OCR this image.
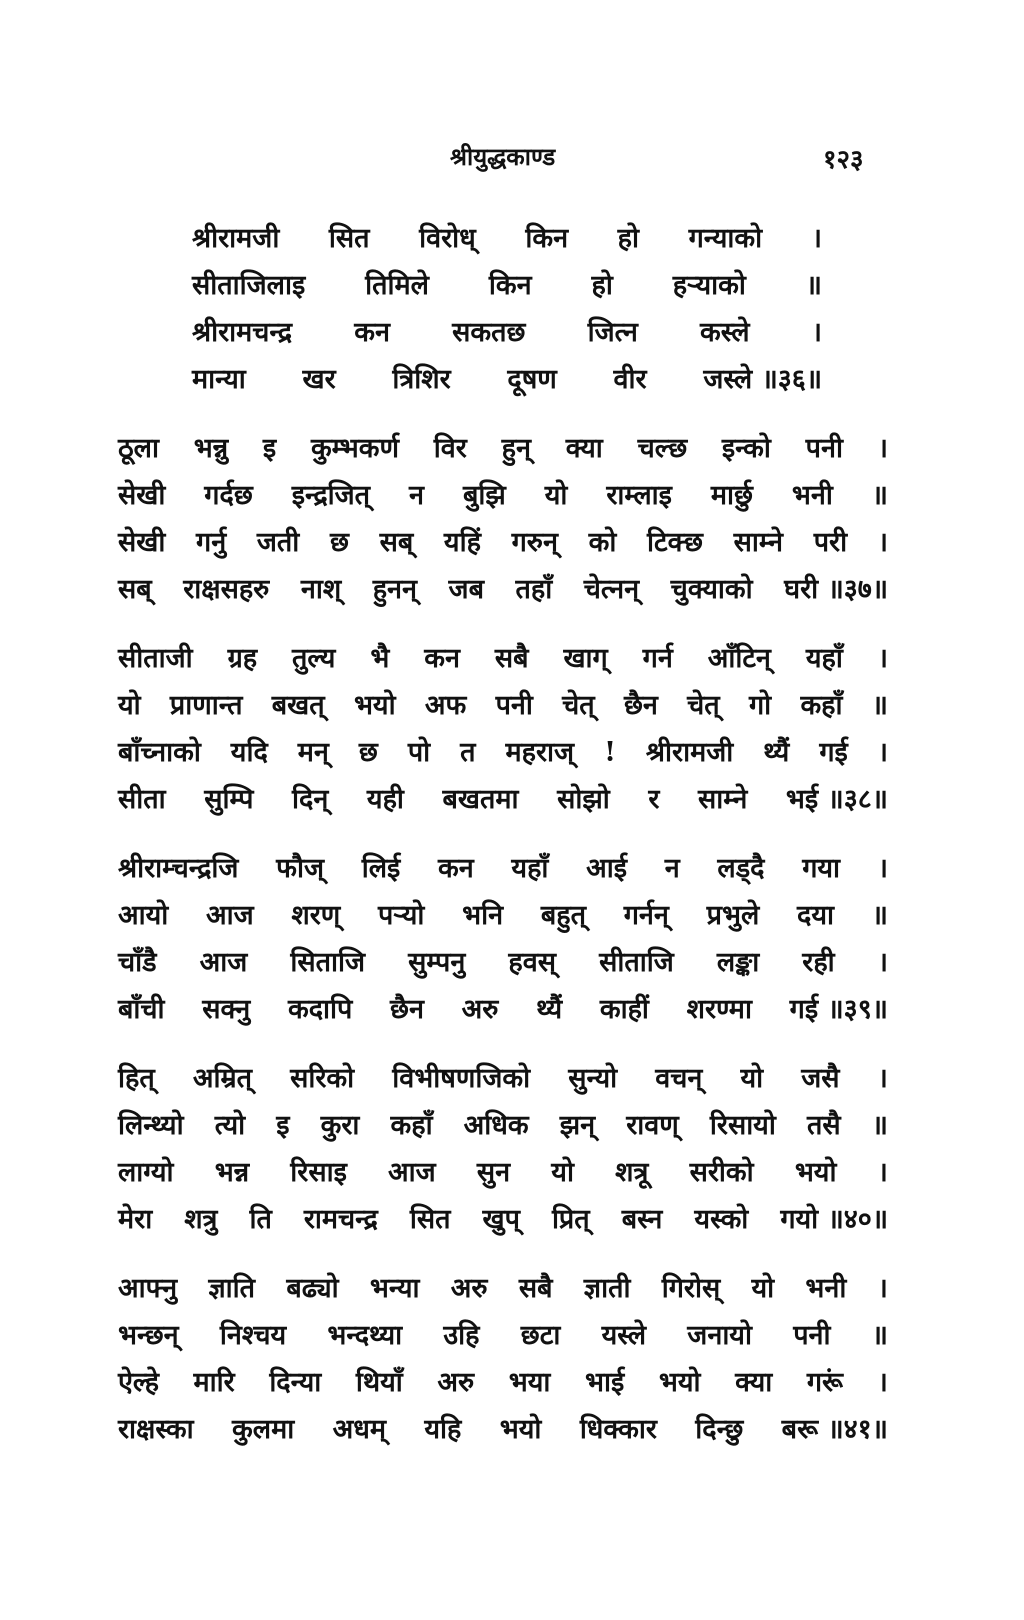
श्रीयुद्धकाण्ड	१२३
श्रीरामजी सित विरोध् किन हो गन्याको ।
सीताजिलाइ तिमिले किन हो हऱ्याको ॥
श्रीरामचन्द्र कन सकतछ जित्न कस्ले ।
मान्या खर त्रिशिर दूषण वीर जस्ले ॥३६॥
ठूला भन्नु इ कुम्भकर्ण विर हुन् क्या चल्छ इन्को पनी ।
सेखी गर्दछ इन्द्रजित् न बुझि यो राम्लाइ मार्छु भनी ॥
सेखी गर्नु जती छ सब् यहिं गरुन् को टिक्छ साम्ने परी ।
सब् राक्षसहरु नाश् हुनन् जब तहाँ चेत्नन् चुक्याको घरी ॥३७॥
सीताजी ग्रह तुल्य भै कन सबै खाग् गर्न आँटिन् यहाँ ।
यो प्राणान्त बखत् भयो अफ पनी चेत् छैन चेत् गो कहाँ ॥
बाँच्नाको यदि मन् छ पो त महराज् ! श्रीरामजी थ्यैं गई ।
सीता सुम्पि दिन् यही बखतमा सोझो र साम्ने भई ॥३८॥
श्रीराम्चन्द्रजि फौज् लिई कन यहाँ आई न लड्दै गया ।
आयो आज शरण् पऱ्यो भनि बहुत् गर्नन् प्रभुले दया ॥
चाँडै आज सिताजि सुम्पनु हवस् सीताजि लङ्का रही ।
बाँची सक्नु कदापि छैन अरु थ्यैं काहीं शरण्मा गई ॥३९॥
हित् अम्रित् सरिको विभीषणजिको सुन्यो वचन् यो जसै ।
लिन्थ्यो त्यो इ कुरा कहाँ अधिक झन् रावण् रिसायो तसै ॥
लाग्यो भन्न रिसाइ आज सुन यो शत्रू सरीको भयो ।
मेरा शत्रु ति रामचन्द्र सित खुप् प्रित् बस्न यस्को गयो ॥४०॥
आफ्नु ज्ञाति बढ्यो भन्या अरु सबै ज्ञाती गिरोस् यो भनी ।
भन्छन् निश्चय भन्दथ्या उहि छटा यस्ले जनायो पनी ॥
ऐल्हे मारि दिन्या थियाँ अरु भया भाई भयो क्या गरूं ।
राक्षस्का कुलमा अधम् यहि भयो धिक्कार दिन्छु बरू ॥४१॥
